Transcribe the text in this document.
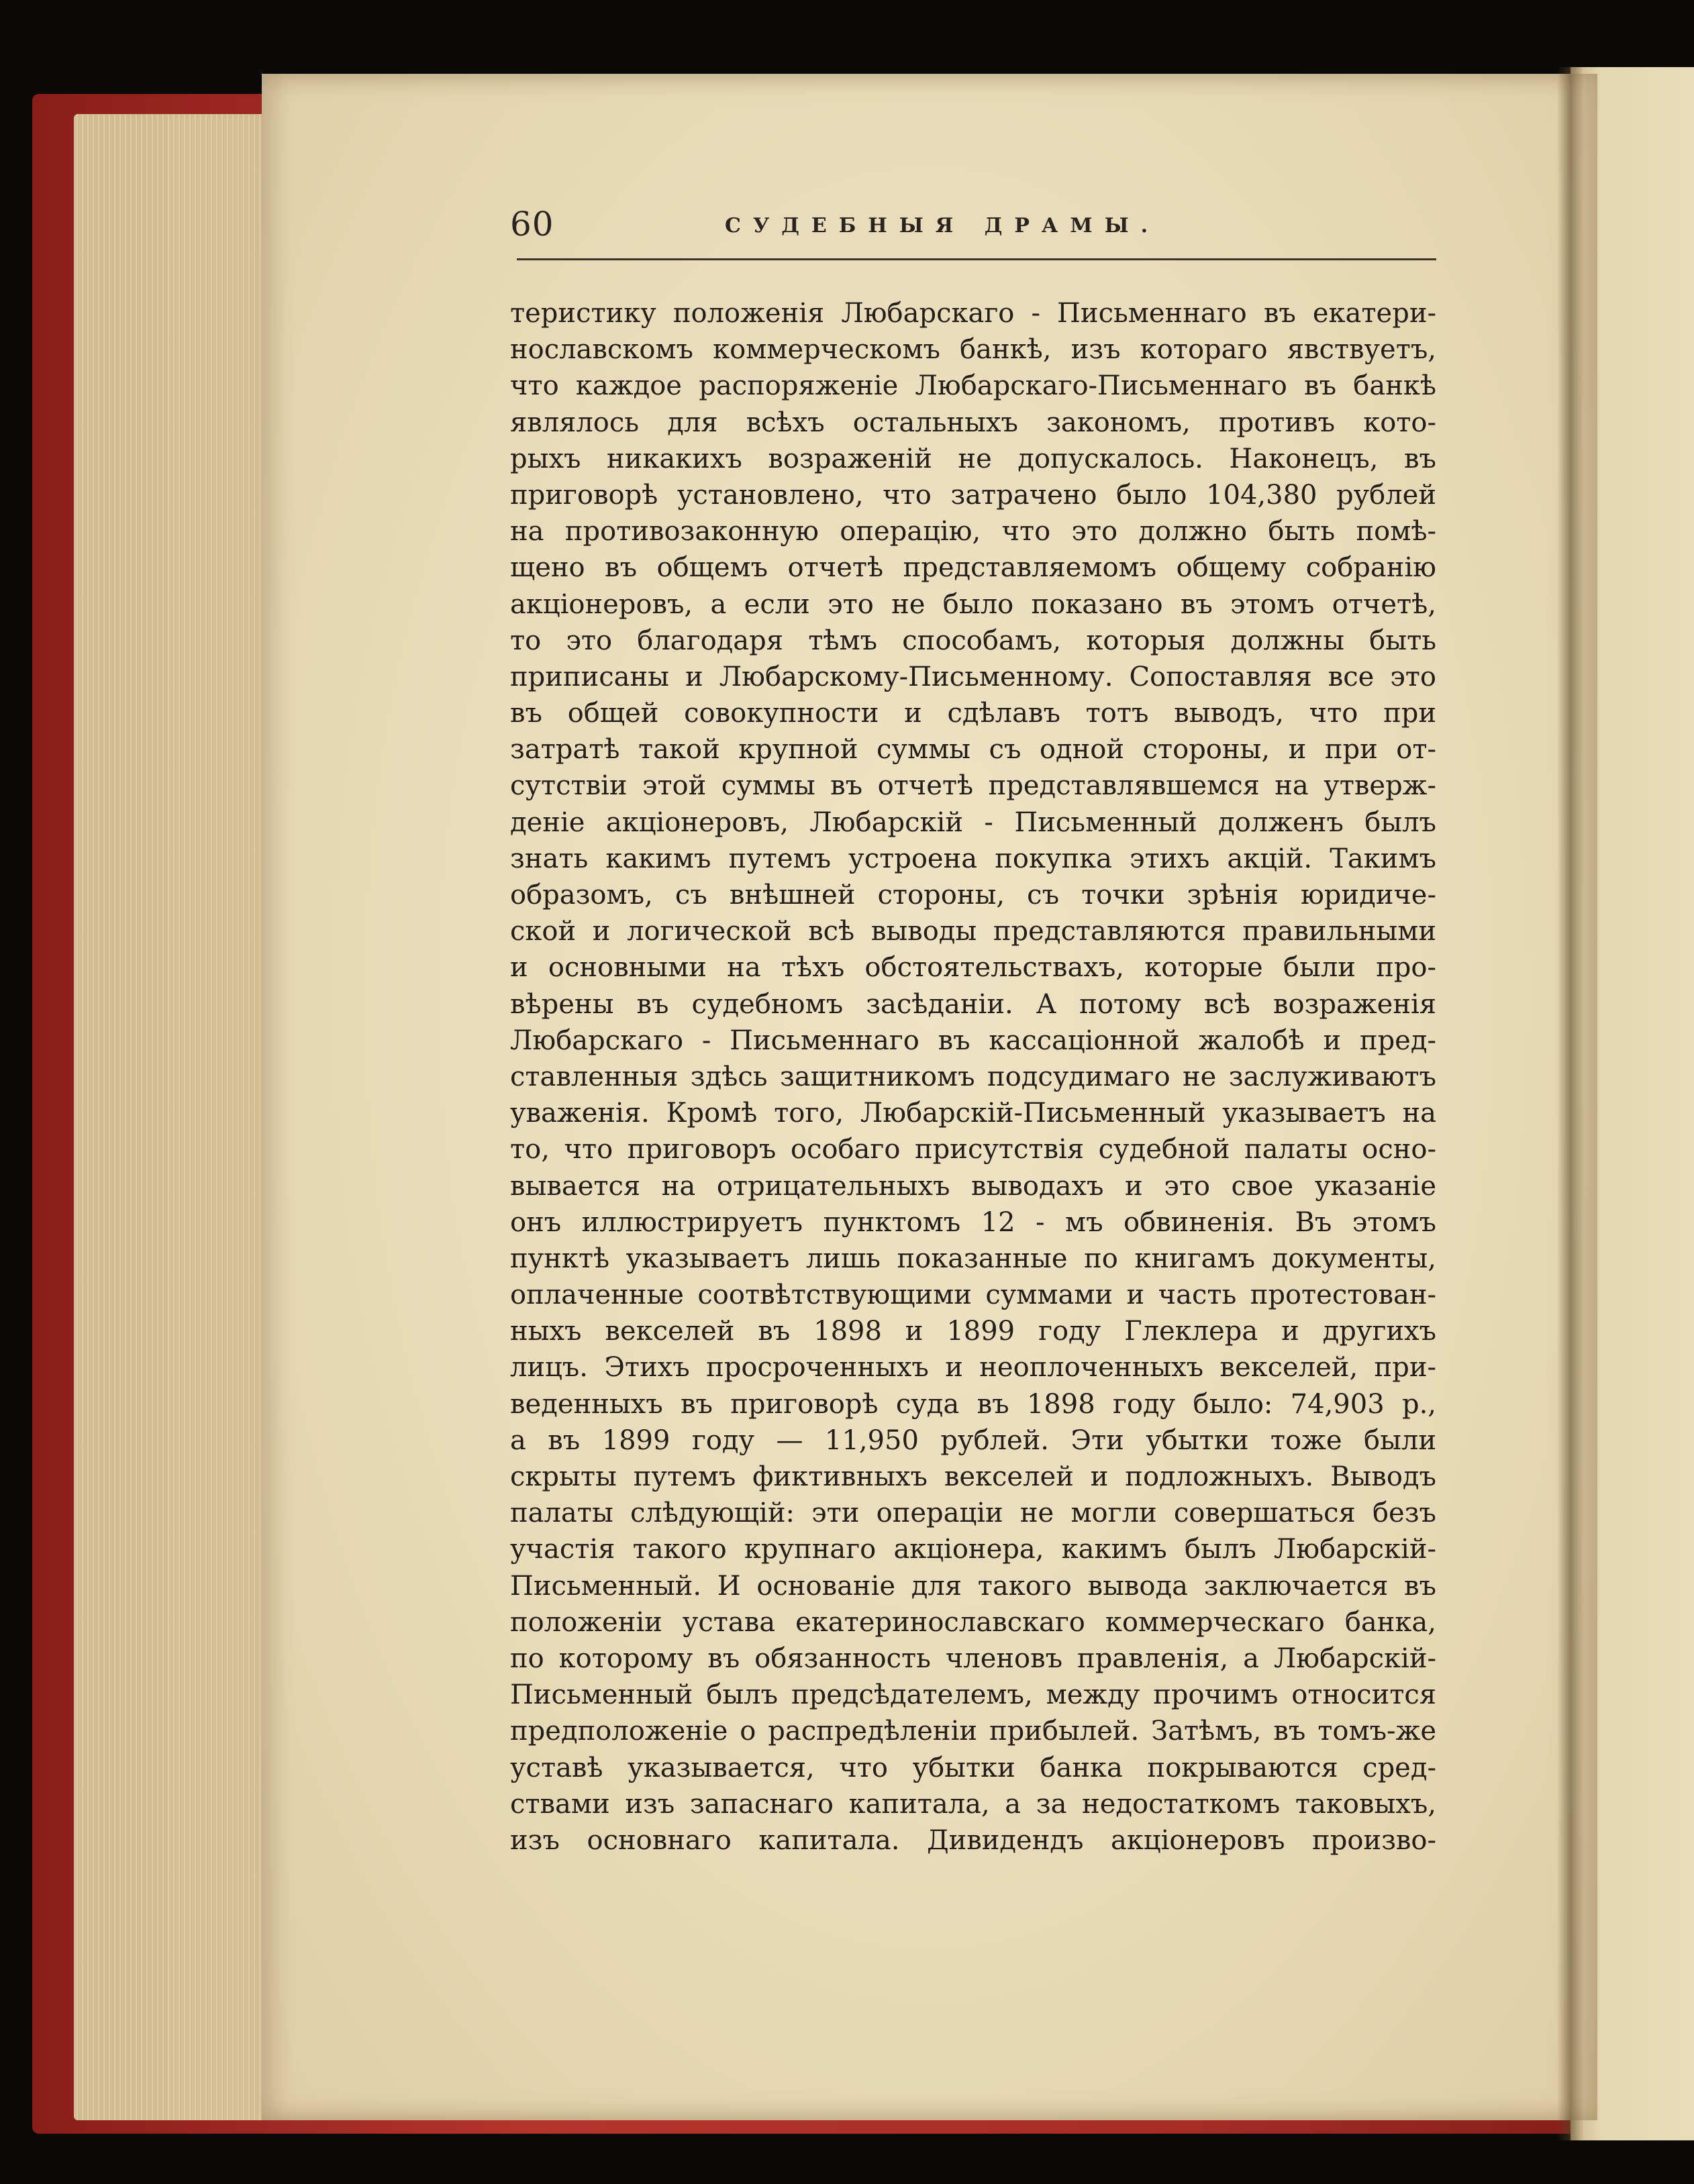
60	СУДЕБНЫЯ ДРАМЫ.
теристику положенія Любарскаго - Письменнаго въ екатери-
нославскомъ коммерческомъ банкѣ, изъ котораго явствуетъ,
что каждое распоряженіе Любарскаго-Письменнаго въ банкѣ
являлось для всѣхъ остальныхъ закономъ, противъ кото-
рыхъ никакихъ возраженій не допускалось. Наконецъ, въ
приговорѣ установлено, что затрачено было 104,380 рублей
на противозаконную операцію, что это должно быть помѣ-
щено въ общемъ отчетѣ представляемомъ общему собранію
акціонеровъ, а если это не было показано въ этомъ отчетѣ,
то это благодаря тѣмъ способамъ, которыя должны быть
приписаны и Любарскому-Письменному. Сопоставляя все это
въ общей совокупности и сдѣлавъ тотъ выводъ, что при
затратѣ такой крупной суммы съ одной стороны, и при от-
сутствіи этой суммы въ отчетѣ представлявшемся на утверж-
деніе акціонеровъ, Любарскій - Письменный долженъ былъ
знать какимъ путемъ устроена покупка этихъ акцій. Такимъ
образомъ, съ внѣшней стороны, съ точки зрѣнія юридиче-
ской и логической всѣ выводы представляются правильными
и основными на тѣхъ обстоятельствахъ, которые были про-
вѣрены въ судебномъ засѣданіи. А потому всѣ возраженія
Любарскаго - Письменнаго въ кассаціонной жалобѣ и пред-
ставленныя здѣсь защитникомъ подсудимаго не заслуживаютъ
уваженія. Кромѣ того, Любарскій-Письменный указываетъ на
то, что приговоръ особаго присутствія судебной палаты осно-
вывается на отрицательныхъ выводахъ и это свое указаніе
онъ иллюстрируетъ пунктомъ 12 - мъ обвиненія. Въ этомъ
пунктѣ указываетъ лишь показанные по книгамъ документы,
оплаченные соотвѣтствующими суммами и часть протестован-
ныхъ векселей въ 1898 и 1899 году Глеклера и другихъ
лицъ. Этихъ просроченныхъ и неоплоченныхъ векселей, при-
веденныхъ въ приговорѣ суда въ 1898 году было: 74,903 р.,
а въ 1899 году — 11,950 рублей. Эти убытки тоже были
скрыты путемъ фиктивныхъ векселей и подложныхъ. Выводъ
палаты слѣдующій: эти операціи не могли совершаться безъ
участія такого крупнаго акціонера, какимъ былъ Любарскій-
Письменный. И основаніе для такого вывода заключается въ
положеніи устава екатеринославскаго коммерческаго банка,
по которому въ обязанность членовъ правленія, а Любарскій-
Письменный былъ предсѣдателемъ, между прочимъ относится
предположеніе о распредѣленіи прибылей. Затѣмъ, въ томъ-же
уставѣ указывается, что убытки банка покрываются сред-
ствами изъ запаснаго капитала, а за недостаткомъ таковыхъ,
изъ основнаго капитала. Дивидендъ акціонеровъ произво-
